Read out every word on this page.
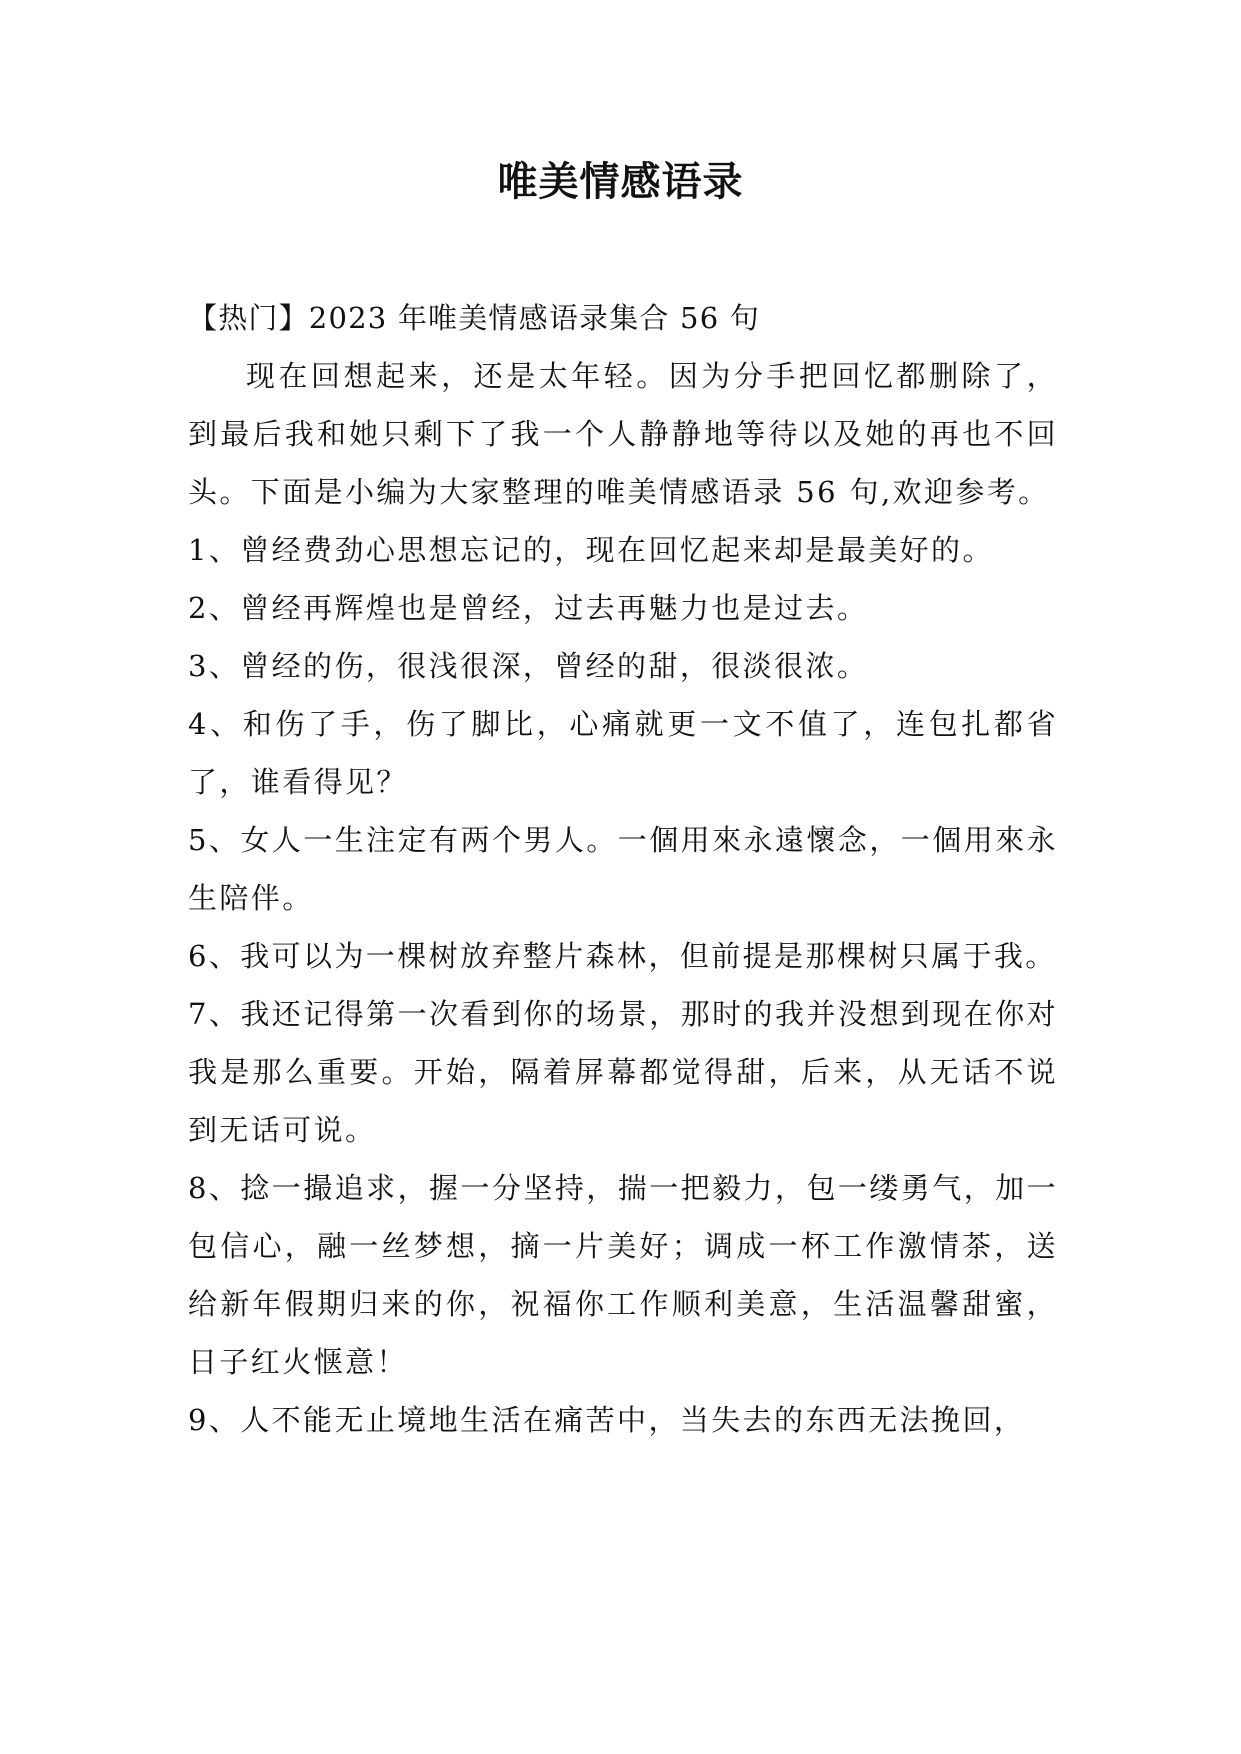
唯美情感语录

【热门】2023 年唯美情感语录集合 56 句

现在回想起来，还是太年轻。因为分手把回忆都删除了，到最后我和她只剩下了我一个人静静地等待以及她的再也不回头。下面是小编为大家整理的唯美情感语录 56 句,欢迎参考。

1、曾经费劲心思想忘记的，现在回忆起来却是最美好的。

2、曾经再辉煌也是曾经，过去再魅力也是过去。

3、曾经的伤，很浅很深，曾经的甜，很淡很浓。

4、和伤了手，伤了脚比，心痛就更一文不值了，连包扎都省了，谁看得见？

5、女人一生注定有两个男人。一個用來永遠懷念，一個用來永生陪伴。

6、我可以为一棵树放弃整片森林，但前提是那棵树只属于我。

7、我还记得第一次看到你的场景，那时的我并没想到现在你对我是那么重要。开始，隔着屏幕都觉得甜，后来，从无话不说到无话可说。

8、捻一撮追求，握一分坚持，揣一把毅力，包一缕勇气，加一包信心，融一丝梦想，摘一片美好；调成一杯工作激情茶，送给新年假期归来的你，祝福你工作顺利美意，生活温馨甜蜜，日子红火惬意！

9、人不能无止境地生活在痛苦中，当失去的东西无法挽回，
